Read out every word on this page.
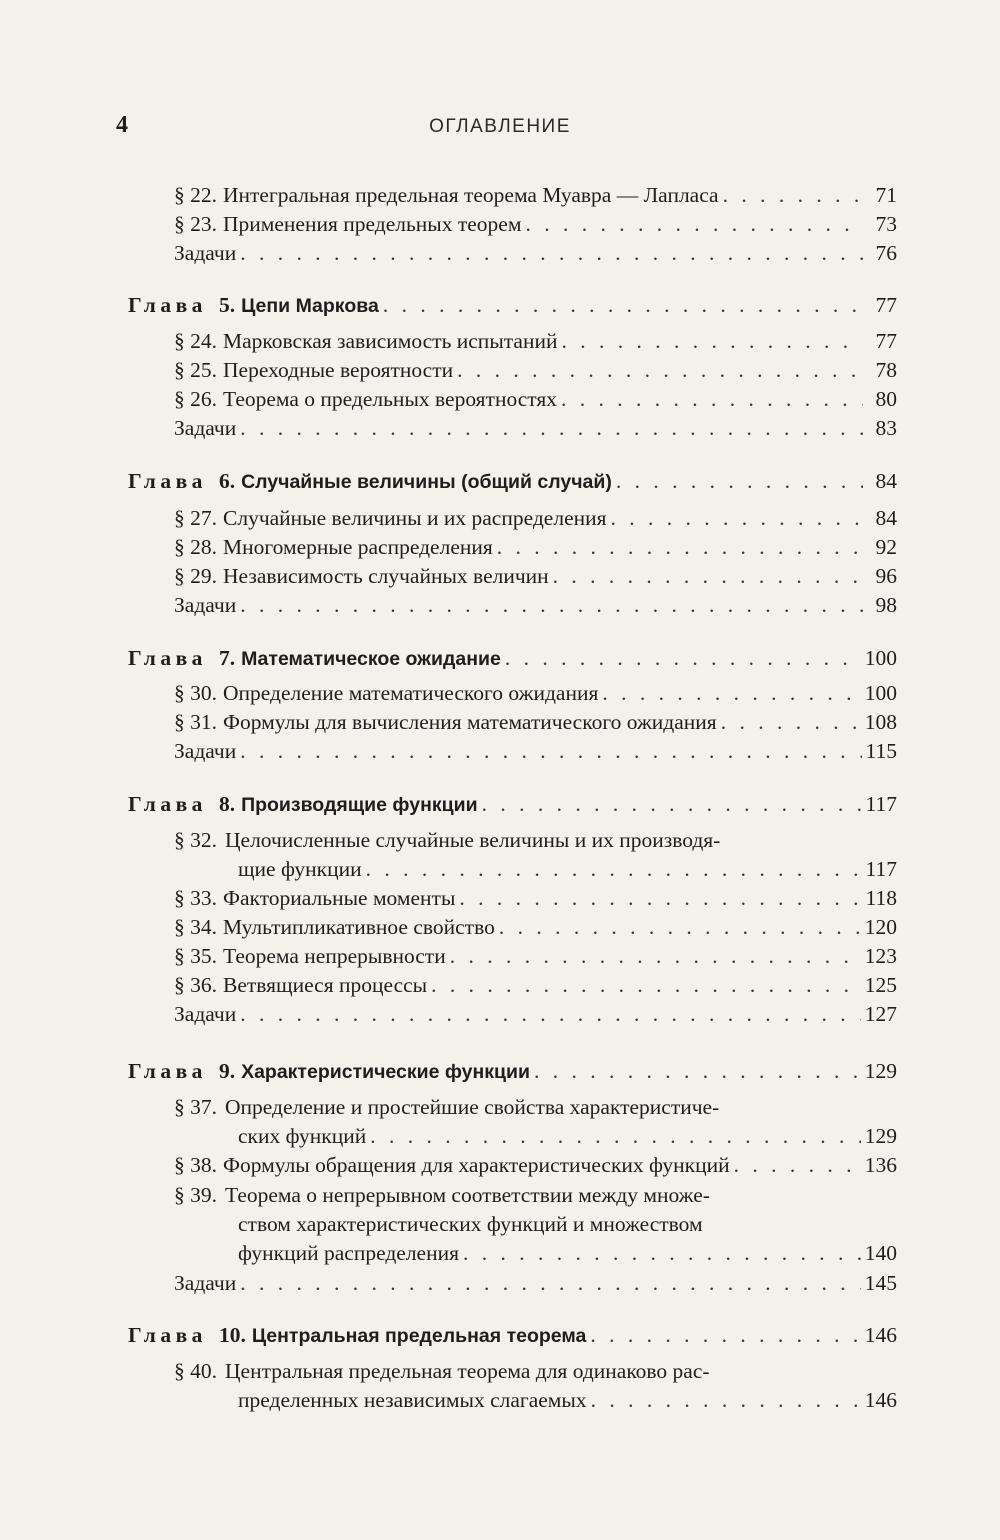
4	ОГЛАВЛЕНИЕ
§ 22. Интегральная предельная теорема Муавра — Лапласа . . .	71
§ 23. Применения предельных теорем . . .	73
Задачи . . .	76
Глава 5. Цепи Маркова . . .	77
§ 24. Марковская зависимость испытаний . . .	77
§ 25. Переходные вероятности . . .	78
§ 26. Теорема о предельных вероятностях . . .	80
Задачи . . .	83
Глава 6. Случайные величины (общий случай) . . .	84
§ 27. Случайные величины и их распределения . . .	84
§ 28. Многомерные распределения . . .	92
§ 29. Независимость случайных величин . . .	96
Задачи . . .	98
Глава 7. Математическое ожидание . . .	100
§ 30. Определение математического ожидания . . .	100
§ 31. Формулы для вычисления математического ожидания . . .	108
Задачи . . .	115
Глава 8. Производящие функции . . .	117
§ 32. Целочисленные случайные величины и их производя-
щие функции . . .	117
§ 33. Факториальные моменты . . .	118
§ 34. Мультипликативное свойство . . .	120
§ 35. Теорема непрерывности . . .	123
§ 36. Ветвящиеся процессы . . .	125
Задачи . . .	127
Глава 9. Характеристические функции . . .	129
§ 37. Определение и простейшие свойства характеристиче-
ских функций . . .	129
§ 38. Формулы обращения для характеристических функций . . .	136
§ 39. Теорема о непрерывном соответствии между множе-
ством характеристических функций и множеством
функций распределения . . .	140
Задачи . . .	145
Глава 10. Центральная предельная теорема . . .	146
§ 40. Центральная предельная теорема для одинаково рас-
пределенных независимых слагаемых . . .	146
